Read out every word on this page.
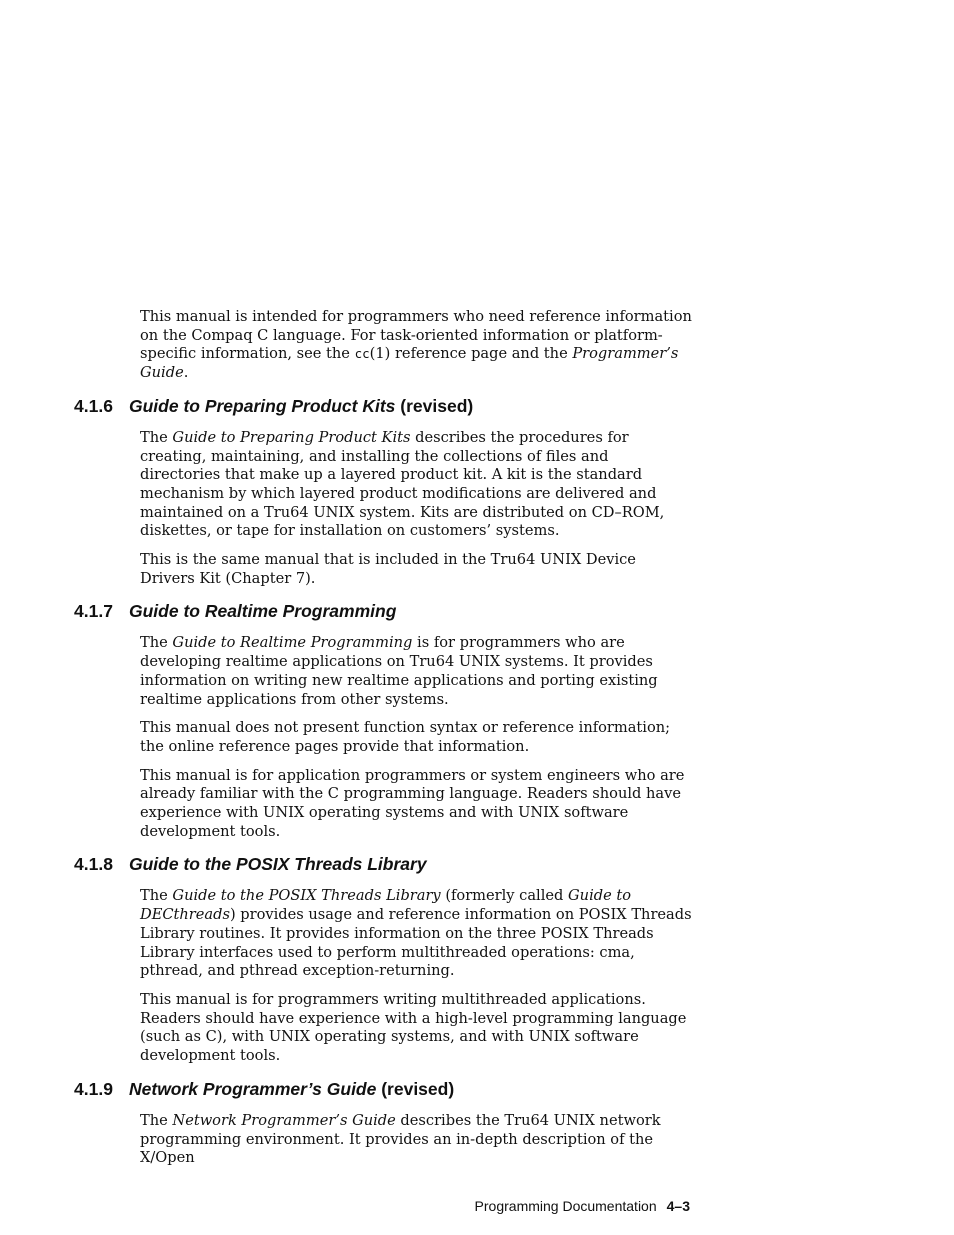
This manual is intended for programmers who need reference information on the Compaq C language. For task-oriented information or platform-specific information, see the cc(1) reference page and the Programmer’s Guide.

4.1.6 Guide to Preparing Product Kits (revised)

The Guide to Preparing Product Kits describes the procedures for creating, maintaining, and installing the collections of files and directories that make up a layered product kit. A kit is the standard mechanism by which layered product modifications are delivered and maintained on a Tru64 UNIX system. Kits are distributed on CD–ROM, diskettes, or tape for installation on customers’ systems.

This is the same manual that is included in the Tru64 UNIX Device Drivers Kit (Chapter 7).

4.1.7 Guide to Realtime Programming

The Guide to Realtime Programming is for programmers who are developing realtime applications on Tru64 UNIX systems. It provides information on writing new realtime applications and porting existing realtime applications from other systems.

This manual does not present function syntax or reference information; the online reference pages provide that information.

This manual is for application programmers or system engineers who are already familiar with the C programming language. Readers should have experience with UNIX operating systems and with UNIX software development tools.

4.1.8 Guide to the POSIX Threads Library

The Guide to the POSIX Threads Library (formerly called Guide to DECthreads) provides usage and reference information on POSIX Threads Library routines. It provides information on the three POSIX Threads Library interfaces used to perform multithreaded operations: cma, pthread, and pthread exception-returning.

This manual is for programmers writing multithreaded applications. Readers should have experience with a high-level programming language (such as C), with UNIX operating systems, and with UNIX software development tools.

4.1.9 Network Programmer’s Guide (revised)

The Network Programmer’s Guide describes the Tru64 UNIX network programming environment. It provides an in-depth description of the X/Open

Programming Documentation 4–3
